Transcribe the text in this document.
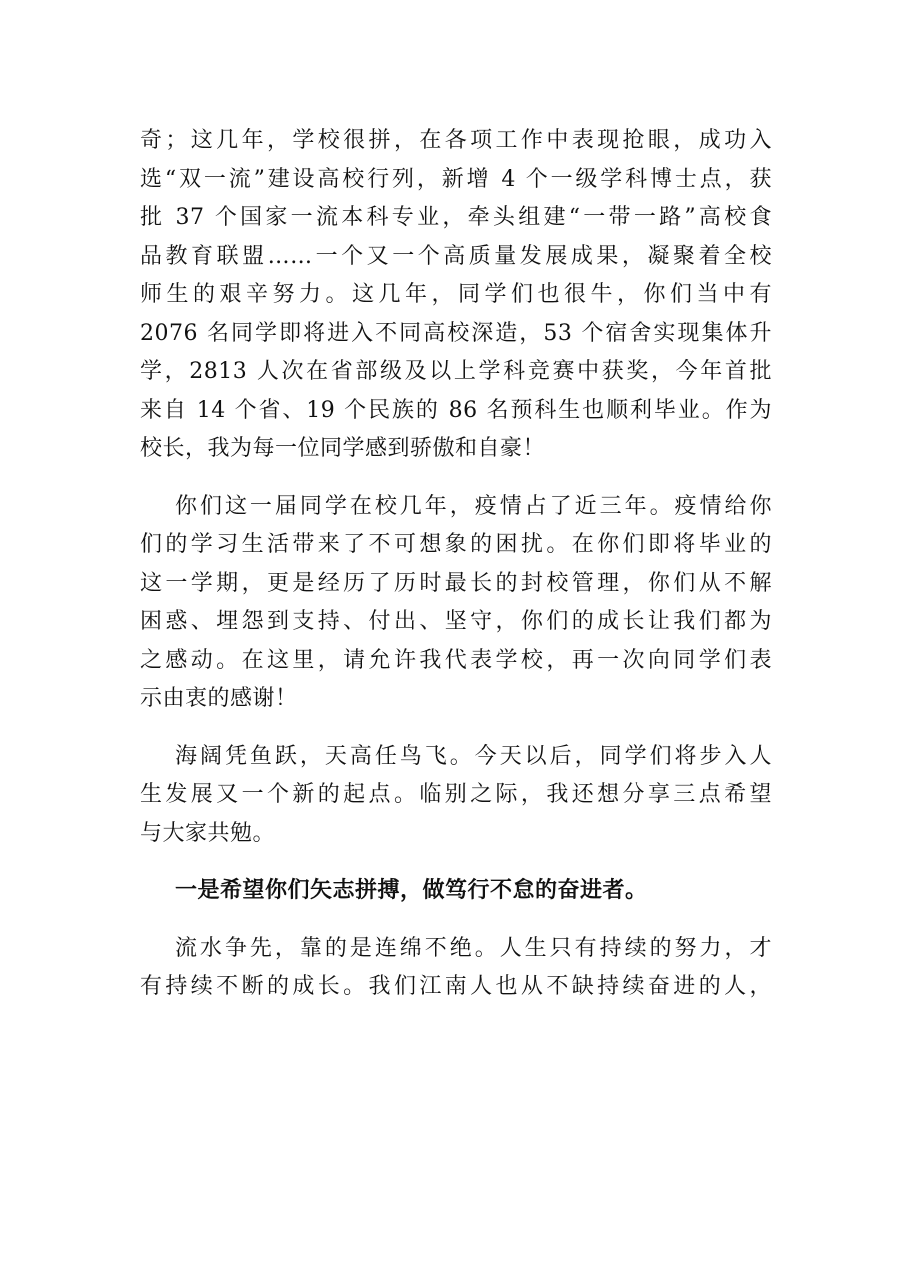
奇；这几年，学校很拼，在各项工作中表现抢眼，成功入
选“双一流”建设高校行列，新增 4 个一级学科博士点，获
批 37 个国家一流本科专业，牵头组建“一带一路”高校食
品教育联盟……一个又一个高质量发展成果，凝聚着全校
师生的艰辛努力。这几年，同学们也很牛，你们当中有
2076 名同学即将进入不同高校深造，53 个宿舍实现集体升
学，2813 人次在省部级及以上学科竞赛中获奖，今年首批
来自 14 个省、19 个民族的 86 名预科生也顺利毕业。作为
校长，我为每一位同学感到骄傲和自豪！
你们这一届同学在校几年，疫情占了近三年。疫情给你
们的学习生活带来了不可想象的困扰。在你们即将毕业的
这一学期，更是经历了历时最长的封校管理，你们从不解
困惑、埋怨到支持、付出、坚守，你们的成长让我们都为
之感动。在这里，请允许我代表学校，再一次向同学们表
示由衷的感谢！
海阔凭鱼跃，天高任鸟飞。今天以后，同学们将步入人
生发展又一个新的起点。临别之际，我还想分享三点希望
与大家共勉。
一是希望你们矢志拼搏，做笃行不怠的奋进者。
流水争先，靠的是连绵不绝。人生只有持续的努力，才
有持续不断的成长。我们江南人也从不缺持续奋进的人，
